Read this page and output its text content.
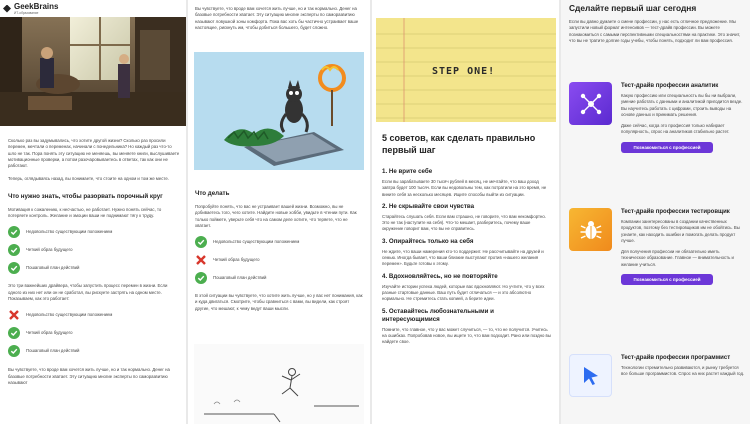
GeekBrains
ИТ-образование

Сколько раз вы задумывались, что хотите другой жизни? Сколько раз просили перемен, мечтали о переменах, начинали с понедельника? Но каждый раз что-то шло не так. Пора понять эту ситуацию не меняешь, вы меняете книги, выслушиваете мотивационные проверки, а потом разочаровываетесь в ответах, так как они не работают.

Теперь, оглядываясь назад, вы понимаете, что стоите на одном и том же месте.

Что нужно знать, чтобы разорвать порочный круг

Мотивация к сожалению, к несчастью, не работает. Нужно понять сейчас, то потеряете контроль. Желание и эмоции ваши не поднимают тягу к труду.

Недовольство существующим положением
Четкий образ будущего
Пошаговый план действий

Это три важнейших драйвера, чтобы запустить процесс перемен в жизни. Если одного из них нет или он не сработал, вы рискуете застрять на одном месте. Показываем, как это работает:

Недовольство существующим положением
Четкий образ будущего
Пошаговый план действий

Вы чувствуете, что вроде вам хочется жить лучше, но и так нормально. Денег на базовые потребности хватает. Эту ситуацию многие эксперты по саморазвитию называют

Вы чувствуете, что вроде вам хочется жить лучше, но и так нормально. Денег на базовые потребности хватает. Эту ситуацию многие эксперты по саморазвитию называют ловушкой зоны комфорта. Пока вас хоть бы частично устраивает ваше настоящее, рискнуть им, чтобы добиться большего, будет сложно.

Что делать

Попробуйте понять, что вас не устраивает вашей жизни. Возможно, вы не добиваетесь того, чего хотите. Найдите новые хобби, увидьте в чтении пути. Как только поймете, уверьте себя что на самом деле хотите, что теряете, что не хватает.

Недовольство существующим положением
Четкий образ будущего
Пошаговый план действий

В этой ситуации вы чувствуете, что хотите жить лучше, но у вас нет понимания, как и куда двигаться. Смотрите, чтобы сравниться с вами, вы видели, как строят другие, что мешают, к чему ведут ваши мысли.

STEP ONE!

5 советов, как сделать правильно первый шаг

1. Не врите себе

Если вы зарабатываете 30 тысяч рублей в месяц, не мечтайте, что ваш доход завтра будет 100 тысяч. Если вы недовольны тем, как потратили на это время, не вините себя за несколько месяцев. Ищите способы выйти из ситуации.

2. Не скрывайте свои чувства

Старайтесь слушать себя. Если вам страшно, не говорите, что вам некомфортно. Это не так (наступите на себя). Что-то мешает, разберитесь, почему ваше окружение говорит вам, что вы не справитесь.

3. Опирайтесь только на себя

Не ждите, что ваши намерения кто-то поддержит. Не рассчитывайте на друзей и семью. Иногда бывает, что ваши близкие выступают против «нашего желания перемен». Будьте готовы к этому.

4. Вдохновляйтесь, но не повторяйте

Изучайте истории успеха людей, которые вас вдохновляют. Но учтите, что у всех разные стартовые данные. Ваш путь будет отличаться — и это абсолютно нормально. Не стремитесь стать копией, а берите идеи.

5. Оставайтесь любознательными и интересующимися

Помните, что главное, что у вас может случиться, — то, что не получится. Учитесь на ошибках. Попробовав новое, вы ищете то, что вам подходит. Рано или поздно вы найдете свое.

Сделайте первый шаг сегодня

Если вы давно думаете о смене профессии, у нас есть отличное предложение. Мы запустили новый формат интенсивов — тест-драйв профессии. Вы можете познакомиться с самыми перспективными специальностями на практике. Это значит, что вы не тратите долгие годы учебы, чтобы понять, подходит ли вам профессия.

Тест-драйв профессии аналитик

Какую профессию или специальность вы бы ни выбрали, умение работать с данными и аналитикой пригодится везде. Вы научитесь работать с цифрами, строить выводы на основе данных и принимать решения.

Даже сейчас, когда это профессия только набирает популярность, спрос на аналитиков стабильно растет.

Познакомиться с профессией

Тест-драйв профессии тестировщик

Компании заинтересованы в создании качественных продуктов, поэтому без тестировщиков им не обойтись. Вы узнаете, как находить ошибки и помогать делать продукт лучше.

Для получения профессии не обязательно иметь техническое образование. Главное — внимательность и желание учиться.

Познакомиться с профессией

Тест-драйв профессии программист

Технологии стремительно развиваются, и рынку требуется все больше программистов. Спрос на них растет каждый год.
